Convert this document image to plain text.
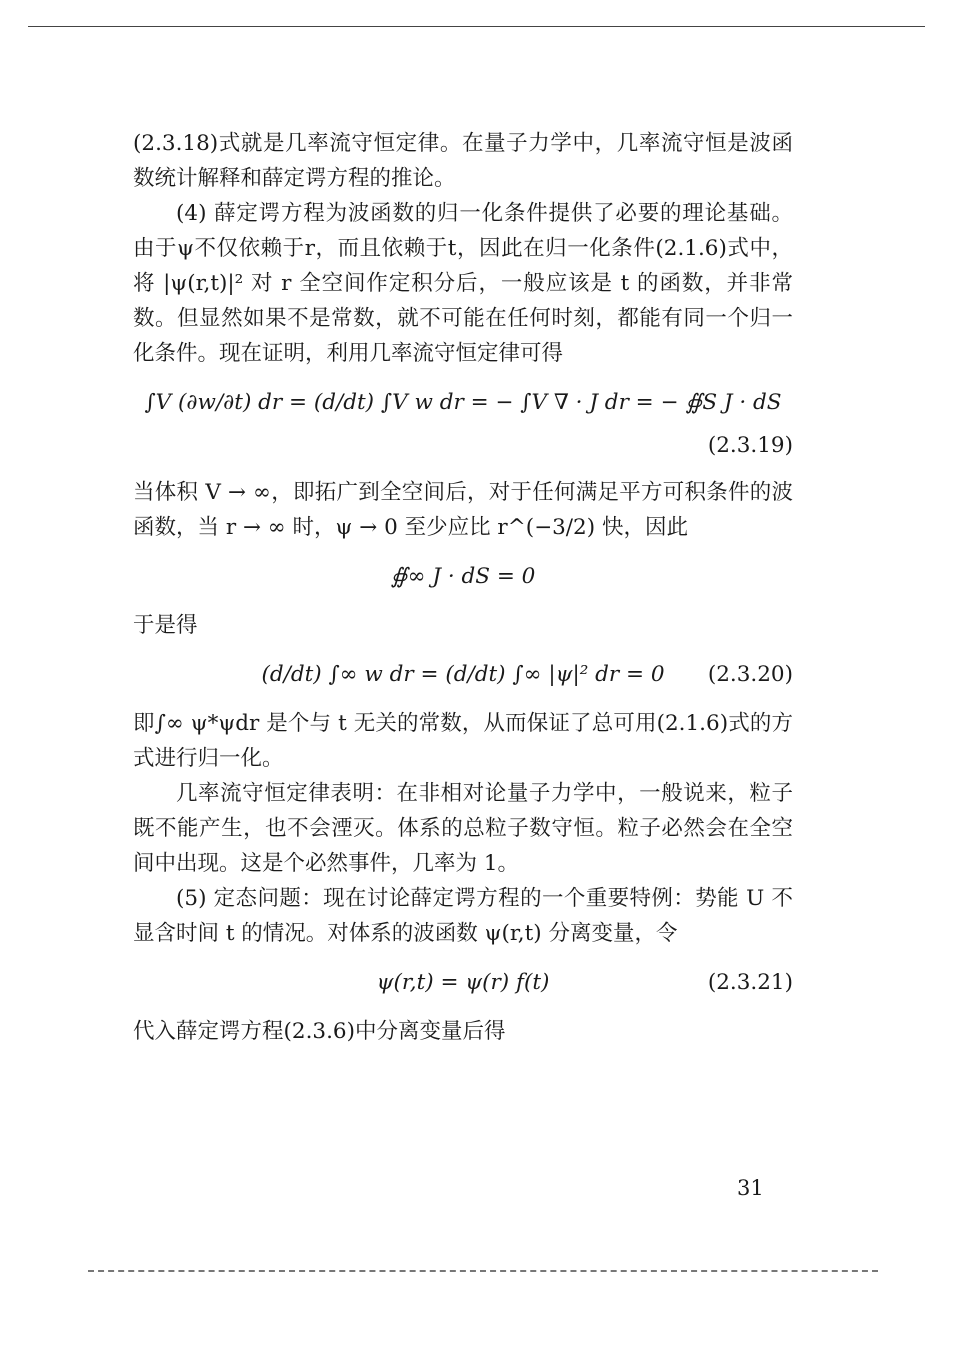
(2.3.18)式就是几率流守恒定律。在量子力学中，几率流守恒是波函数统计解释和薛定谔方程的推论。

(4) 薛定谔方程为波函数的归一化条件提供了必要的理论基础。由于ψ不仅依赖于r，而且依赖于t，因此在归一化条件(2.1.6)式中，将 |ψ(r,t)|² 对 r 全空间作定积分后，一般应该是 t 的函数，并非常数。但显然如果不是常数，就不可能在任何时刻，都能有同一个归一化条件。现在证明，利用几率流守恒定律可得

∫V (∂w/∂t) dr = (d/dt) ∫V w dr = − ∫V ∇ · J dr = − ∯S J · dS
(2.3.19)

当体积 V → ∞，即拓广到全空间后，对于任何满足平方可积条件的波函数，当 r → ∞ 时，ψ → 0 至少应比 r^(−3/2) 快，因此

∯∞ J · dS = 0

于是得

(d/dt) ∫∞ w dr = (d/dt) ∫∞ |ψ|² dr = 0 (2.3.20)

即∫∞ ψ*ψdr 是个与 t 无关的常数，从而保证了总可用(2.1.6)式的方式进行归一化。

几率流守恒定律表明：在非相对论量子力学中，一般说来，粒子既不能产生，也不会湮灭。体系的总粒子数守恒。粒子必然会在全空间中出现。这是个必然事件，几率为 1。

(5) 定态问题：现在讨论薛定谔方程的一个重要特例：势能 U 不显含时间 t 的情况。对体系的波函数 ψ(r,t) 分离变量，令

ψ(r,t) = ψ(r) f(t)	(2.3.21)

代入薛定谔方程(2.3.6)中分离变量后得

31
